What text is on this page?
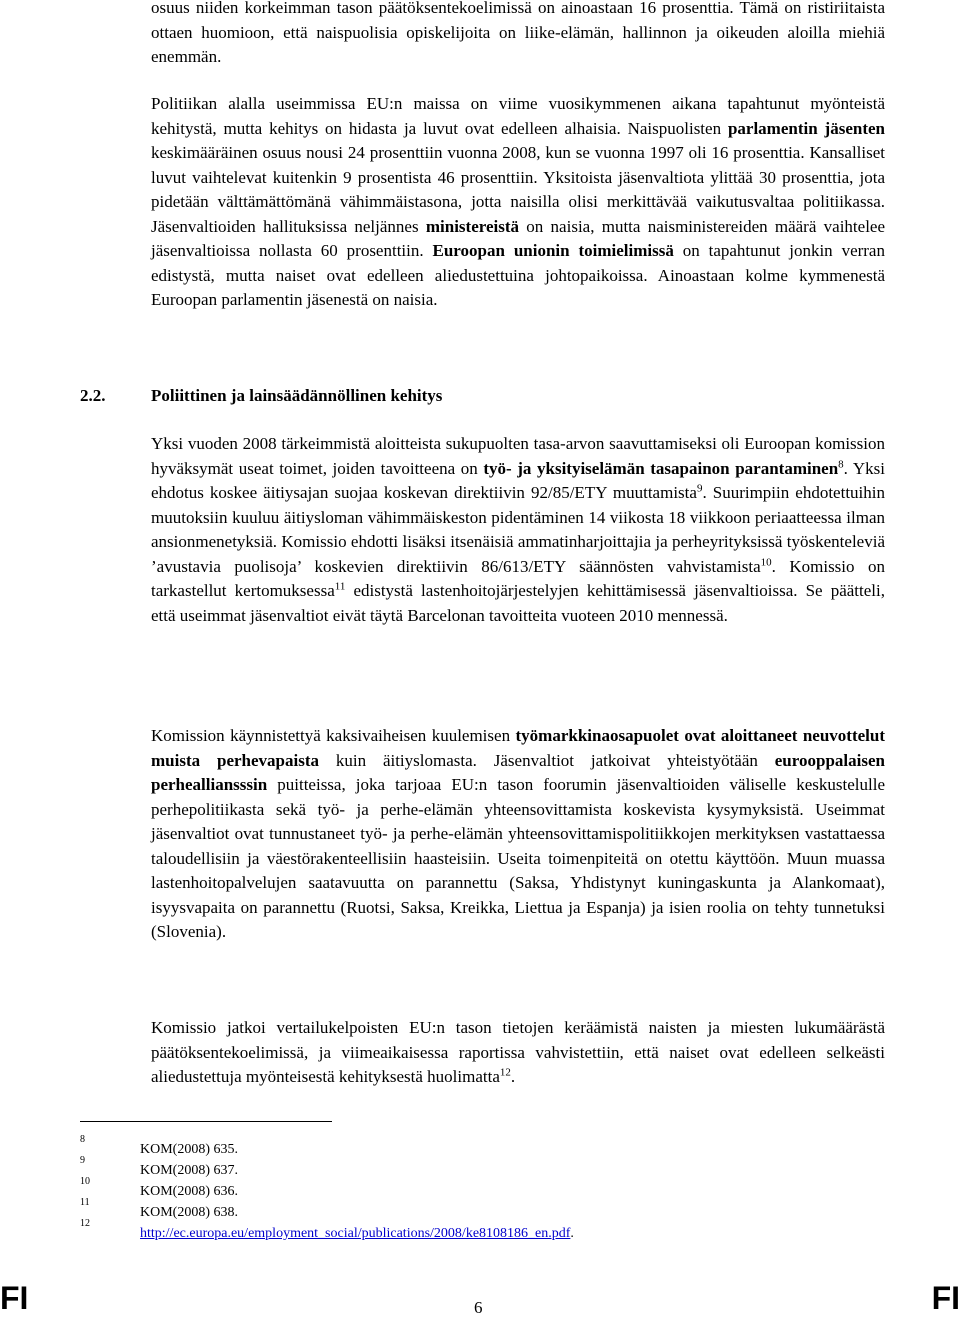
osuus niiden korkeimman tason päätöksentekoelimissä on ainoastaan 16 prosenttia. Tämä on ristiriitaista ottaen huomioon, että naispuolisia opiskelijoita on liike-elämän, hallinnon ja oikeuden aloilla miehiä enemmän.

Politiikan alalla useimmissa EU:n maissa on viime vuosikymmenen aikana tapahtunut myönteistä kehitystä, mutta kehitys on hidasta ja luvut ovat edelleen alhaisia. Naispuolisten parlamentin jäsenten keskimääräinen osuus nousi 24 prosenttiin vuonna 2008, kun se vuonna 1997 oli 16 prosenttia. Kansalliset luvut vaihtelevat kuitenkin 9 prosentista 46 prosenttiin. Yksitoista jäsenvaltiota ylittää 30 prosenttia, jota pidetään välttämättömänä vähimmäistasona, jotta naisilla olisi merkittävää vaikutusvaltaa politiikassa. Jäsenvaltioiden hallituksissa neljännes ministereistä on naisia, mutta naisministereiden määrä vaihtelee jäsenvaltioissa nollasta 60 prosenttiin. Euroopan unionin toimielimissä on tapahtunut jonkin verran edistystä, mutta naiset ovat edelleen aliedustettuina johtopaikoissa. Ainoastaan kolme kymmenestä Euroopan parlamentin jäsenestä on naisia.

2.2.	Poliittinen ja lainsäädännöllinen kehitys

Yksi vuoden 2008 tärkeimmistä aloitteista sukupuolten tasa-arvon saavuttamiseksi oli Euroopan komission hyväksymät useat toimet, joiden tavoitteena on työ- ja yksityiselämän tasapainon parantaminen$^8$. Yksi ehdotus koskee äitiysajan suojaa koskevan direktiivin 92/85/ETY muuttamista$^9$. Suurimpiin ehdotettuihin muutoksiin kuuluu äitiysloman vähimmäiskeston pidentäminen 14 viikosta 18 viikkoon periaatteessa ilman ansionmenetyksiä. Komissio ehdotti lisäksi itsenäisiä ammatinharjoittajia ja perheyrityksissä työskenteleviä ’avustavia puolisoja’ koskevien direktiivin 86/613/ETY säännösten vahvistamista$^{10}$. Komissio on tarkastellut kertomuksessa$^{11}$ edistystä lastenhoitojärjestelyjen kehittämisessä jäsenvaltioissa. Se päätteli, että useimmat jäsenvaltiot eivät täytä Barcelonan tavoitteita vuoteen 2010 mennessä.

Komission käynnistettyä kaksivaiheisen kuulemisen työmarkkinaosapuolet ovat aloittaneet neuvottelut muista perhevapaista kuin äitiyslomasta. Jäsenvaltiot jatkoivat yhteistyötään eurooppalaisen perhealliansssin puitteissa, joka tarjoaa EU:n tason foorumin jäsenvaltioiden väliselle keskustelulle perhepolitiikasta sekä työ- ja perhe-elämän yhteensovittamista koskevista kysymyksistä. Useimmat jäsenvaltiot ovat tunnustaneet työ- ja perhe-elämän yhteensovittamispolitiikkojen merkityksen vastattaessa taloudellisiin ja väestörakenteellisiin haasteisiin. Useita toimenpiteitä on otettu käyttöön. Muun muassa lastenhoitopalvelujen saatavuutta on parannettu (Saksa, Yhdistynyt kuningaskunta ja Alankomaat), isyysvapaita on parannettu (Ruotsi, Saksa, Kreikka, Liettua ja Espanja) ja isien roolia on tehty tunnetuksi (Slovenia).

Komissio jatkoi vertailukelpoisten EU:n tason tietojen keräämistä naisten ja miesten lukumäärästä päätöksentekoelimissä, ja viimeaikaisessa raportissa vahvistettiin, että naiset ovat edelleen selkeästi aliedustettuja myönteisestä kehityksestä huolimatta$^{12}$.

8
KOM(2008) 635.
9
KOM(2008) 637.
10
KOM(2008) 636.
11
KOM(2008) 638.
12
http://ec.europa.eu/employment_social/publications/2008/ke8108186_en.pdf.
FI	6	FI
